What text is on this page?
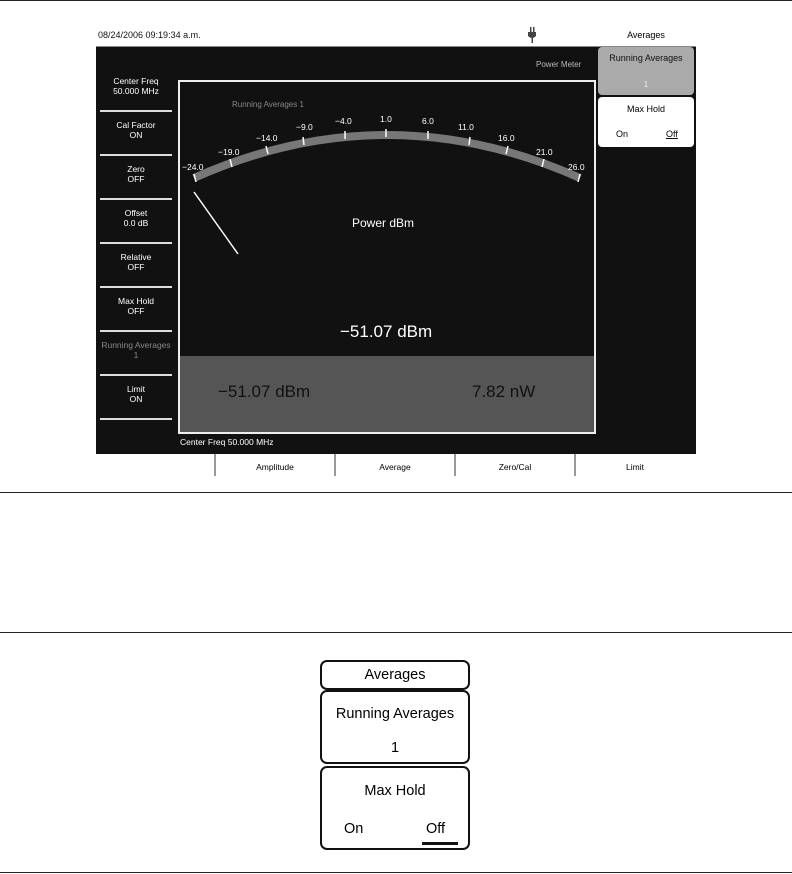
08/24/2006 09:19:34 a.m.
Power Meter
Averages
Running Averages
1
Max Hold
On	Off
Center Freq
50.000 MHz
Cal Factor
ON
Zero
OFF
Offset
0.0 dB
Relative
OFF
Max Hold
OFF
Running Averages
1
Limit
ON
−24.0
−19.0
−14.0
−9.0
−4.0	1.0	6.0
11.0
16.0
21.0
26.0
Running Averages 1
Power dBm
−51.07 dBm
−51.07 dBm	7.82 nW
Center Freq 50.000 MHz
Amplitude	Average	Zero/Cal	Limit
Averages
Running Averages
1
Max Hold
On	Off
